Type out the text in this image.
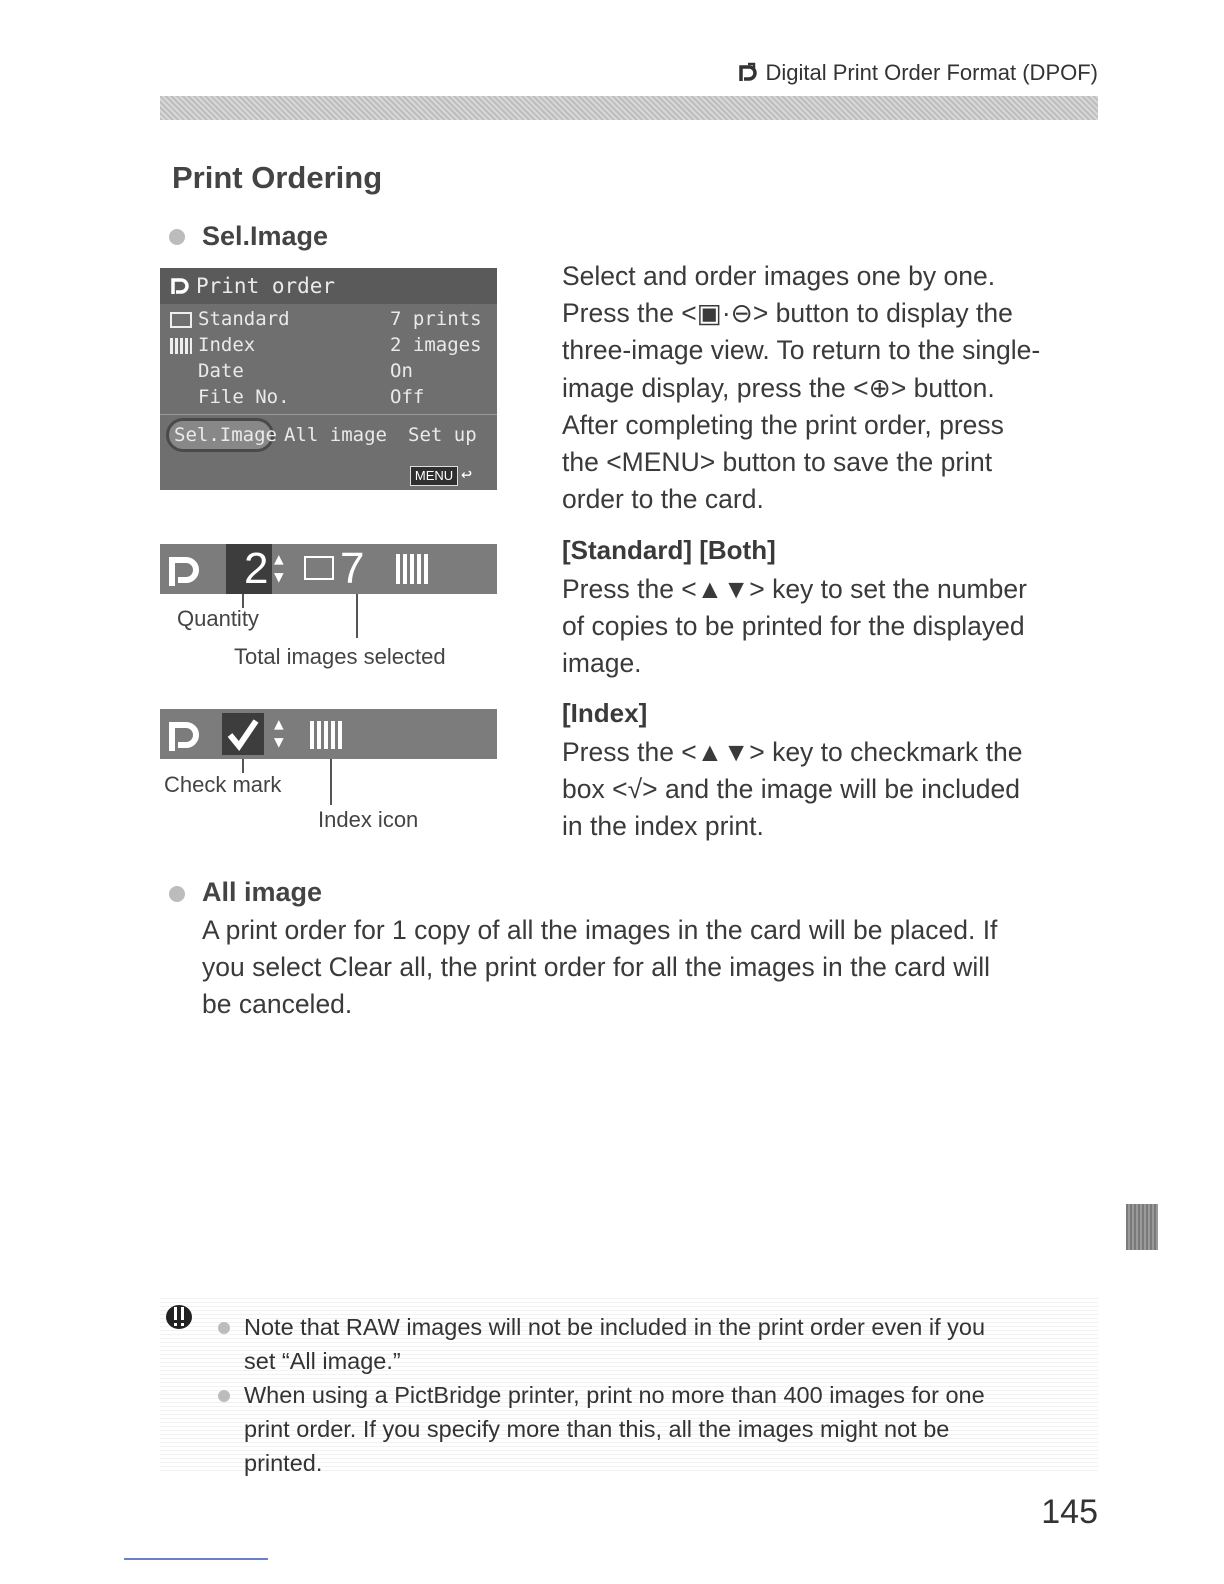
Digital Print Order Format (DPOF)
Print Ordering
Sel.Image
Print order
Standard	7 prints
Index	2 images
Date	On
File No.	Off
Sel.Image All image Set up
MENU ↩
2 ▲
▼ 7
Quantity
Total images selected
▲
▼
Check mark
Index icon

Select and order images one by one.

Press the <▣·⊖> button to display the

three-image view. To return to the single-

image display, press the <⊕> button.

After completing the print order, press

the <MENU> button to save the print

order to the card.

[Standard] [Both]

Press the <▲▼> key to set the number

of copies to be printed for the displayed

image.

[Index]

Press the <▲▼> key to checkmark the

box <√> and the image will be included

in the index print.

All image

A print order for 1 copy of all the images in the card will be placed. If

you select Clear all, the print order for all the images in the card will

be canceled.

Note that RAW images will not be included in the print order even if you
set “All image.”
When using a PictBridge printer, print no more than 400 images for one
print order. If you specify more than this, all the images might not be
printed.
145
